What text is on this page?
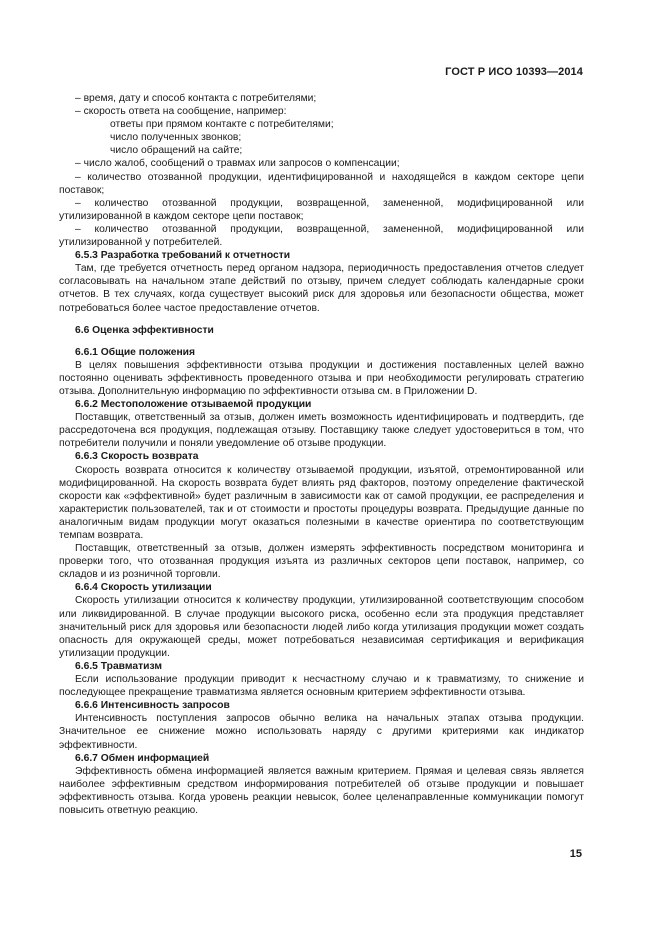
ГОСТ Р ИСО 10393—2014

– время, дату и способ контакта с потребителями;

– скорость ответа на сообщение, например:

ответы при прямом контакте с потребителями;

число полученных звонков;

число обращений на сайте;

– число жалоб, сообщений о травмах или запросов о компенсации;

– количество отозванной продукции, идентифицированной и находящейся в каждом секторе цепи поставок;

– количество отозванной продукции, возвращенной, замененной, модифицированной или утилизированной в каждом секторе цепи поставок;

– количество отозванной продукции, возвращенной, замененной, модифицированной или утилизированной у потребителей.

6.5.3 Разработка требований к отчетности

Там, где требуется отчетность перед органом надзора, периодичность предоставления отчетов следует согласовывать на начальном этапе действий по отзыву, причем следует соблюдать календарные сроки отчетов. В тех случаях, когда существует высокий риск для здоровья или безопасности общества, может потребоваться более частое предоставление отчетов.

6.6 Оценка эффективности

6.6.1 Общие положения

В целях повышения эффективности отзыва продукции и достижения поставленных целей важно постоянно оценивать эффективность проведенного отзыва и при необходимости регулировать стратегию отзыва. Дополнительную информацию по эффективности отзыва см. в Приложении D.

6.6.2 Местоположение отзываемой продукции

Поставщик, ответственный за отзыв, должен иметь возможность идентифицировать и подтвердить, где рассредоточена вся продукция, подлежащая отзыву. Поставщику также следует удостовериться в том, что потребители получили и поняли уведомление об отзыве продукции.

6.6.3 Скорость возврата

Скорость возврата относится к количеству отзываемой продукции, изъятой, отремонтированной или модифицированной. На скорость возврата будет влиять ряд факторов, поэтому определение фактической скорости как «эффективной» будет различным в зависимости как от самой продукции, ее распределения и характеристик пользователей, так и от стоимости и простоты процедуры возврата. Предыдущие данные по аналогичным видам продукции могут оказаться полезными в качестве ориентира по соответствующим темпам возврата.

Поставщик, ответственный за отзыв, должен измерять эффективность посредством мониторинга и проверки того, что отозванная продукция изъята из различных секторов цепи поставок, например, со складов и из розничной торговли.

6.6.4 Скорость утилизации

Скорость утилизации относится к количеству продукции, утилизированной соответствующим способом или ликвидированной. В случае продукции высокого риска, особенно если эта продукция представляет значительный риск для здоровья или безопасности людей либо когда утилизация продукции может создать опасность для окружающей среды, может потребоваться независимая сертификация и верификация утилизации продукции.

6.6.5 Травматизм

Если использование продукции приводит к несчастному случаю и к травматизму, то снижение и последующее прекращение травматизма является основным критерием эффективности отзыва.

6.6.6 Интенсивность запросов

Интенсивность поступления запросов обычно велика на начальных этапах отзыва продукции. Значительное ее снижение можно использовать наряду с другими критериями как индикатор эффективности.

6.6.7 Обмен информацией

Эффективность обмена информацией является важным критерием. Прямая и целевая связь является наиболее эффективным средством информирования потребителей об отзыве продукции и повышает эффективность отзыва. Когда уровень реакции невысок, более целенаправленные коммуникации помогут повысить ответную реакцию.

15
